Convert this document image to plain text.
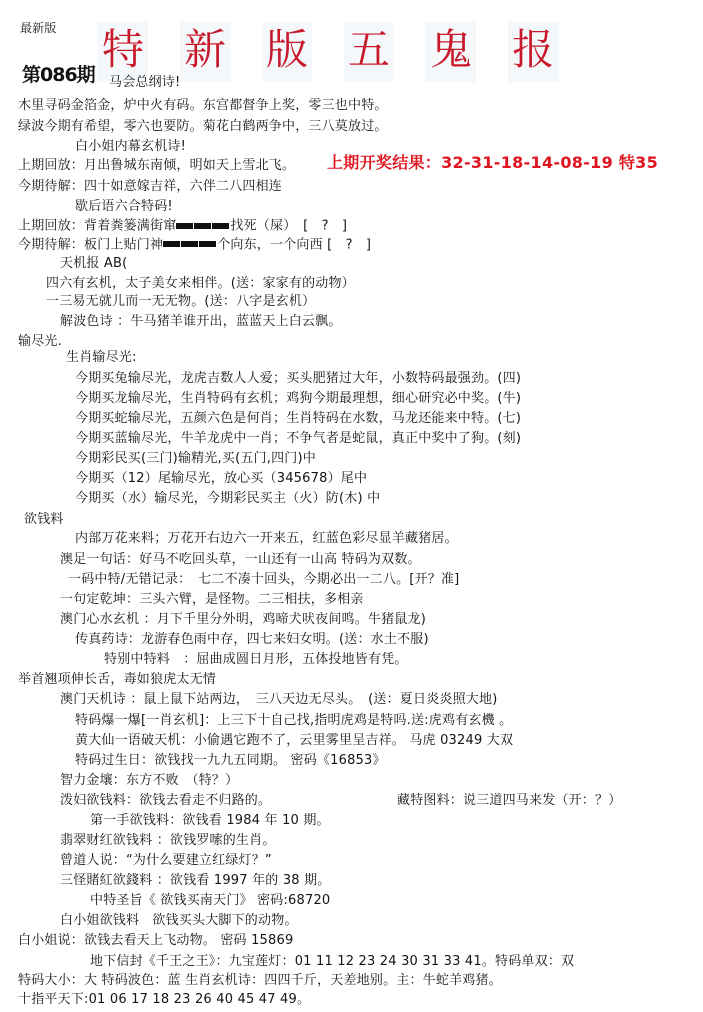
最新版 特 新 版 五 鬼 报
第086期 马会总纲诗!
木里寻码金箔金，炉中火有码。东宫都督争上奖，零三也中特。
绿波今期有希望，零六也要防。菊花白鹤两争中，三八莫放过。
白小姐内幕玄机诗!
上期回放：月出鲁城东南倾，明如天上雪北飞。 上期开奖结果：32-31-18-14-08-19 特35
今期待解：四十如意嫁吉祥，六伴二八四相连
歇后语六合特码!
上期回放：背着粪篓满街窜	找死（屎）　[　?　]
今期待解：板门上贴门神	个向东，一个向西 [　?　]
天机报 AB(
四六有玄机，太子美女来相伴。(送：家家有的动物）
一三易无就儿而一无无物。(送：八字是玄机）
解波色诗 ：牛马猪羊谁开出，蓝蓝天上白云飘。
输尽光.
生肖输尽光:
今期买兔输尽光，龙虎吉数人人爱；买头肥猪过大年，小数特码最强劲。(四)
今期买龙输尽光，生肖特码有玄机；鸡狗今期最理想，细心研究必中奖。(牛)
今期买蛇输尽光，五颜六色是何肖；生肖特码在水数，马龙还能来中特。(七)
今期买蓝输尽光，牛羊龙虎中一肖；不争气者是蛇鼠，真正中奖中了狗。(刻)
今期彩民买(三门)输精光,买(五门,四门)中
今期买（12）尾输尽光，放心买（345678）尾中
今期买（水）输尽光，今期彩民买主（火）防(木) 中
欲钱料
内部万花来料；万花开右边六一开来五，红蓝色彩尽显羊藏猪居。
澳足一句话：好马不吃回头草，一山还有一山高 特码为双数。
一码中特/无错记录：　七二不凑十回头，今期必出一二八。[开？准]
一句定乾坤：三头六臂，是怪物。二三相扶，多相亲
澳门心水玄机 ：月下千里分外明，鸡啼犬吠夜间鸣。牛猪鼠龙)
传真药诗：龙游春色雨中存，四七来妇女明。(送：水土不服)
特别中特料　：屈曲成圆日月形，五体投地皆有凭。
举首翘项伸长舌，毒如狼虎太无情
澳门天机诗 ：鼠上鼠下站两边，　三八天边无尽头。　(送：夏日炎炎照大地)
特码爆一爆[一肖玄机]：上三下十自己找,指明虎鸡是特吗.送:虎鸡有玄機 。
黄大仙一语破天机：小偷遇它跑不了，云里雾里呈吉祥。 马虎 03249 大双
特码过生日：欲钱找一九九五同期。 密码《16853》
智力金壤：东方不败　（特？）
泼妇欲钱料：欲钱去看走不归路的。	藏特图料：说三道四马来发（开：？）
第一手欲钱料：欲钱看 1984 年 10 期。
翡翠财红欲钱料 ：欲钱罗嗦的生肖。
曾道人说：“为什么要建立红绿灯？”
三怪賭紅欲錢料 ：欲钱看 1997 年的 38 期。
中特圣旨《 欲钱买南天门》 密码:68720
白小姐欲钱料　欲钱买头大脚下的动物。
白小姐说：欲钱去看天上飞动物。 密码 15869
地下信封《千王之王》：九宝莲灯：01 11 12 23 24 30 31 33 41。特码单双：双
特码大小：大 特码波色：蓝 生肖玄机诗：四四千斤，天差地别。主：牛蛇羊鸡猪。
十指平天下:01 06 17 18 23 26 40 45 47 49。
